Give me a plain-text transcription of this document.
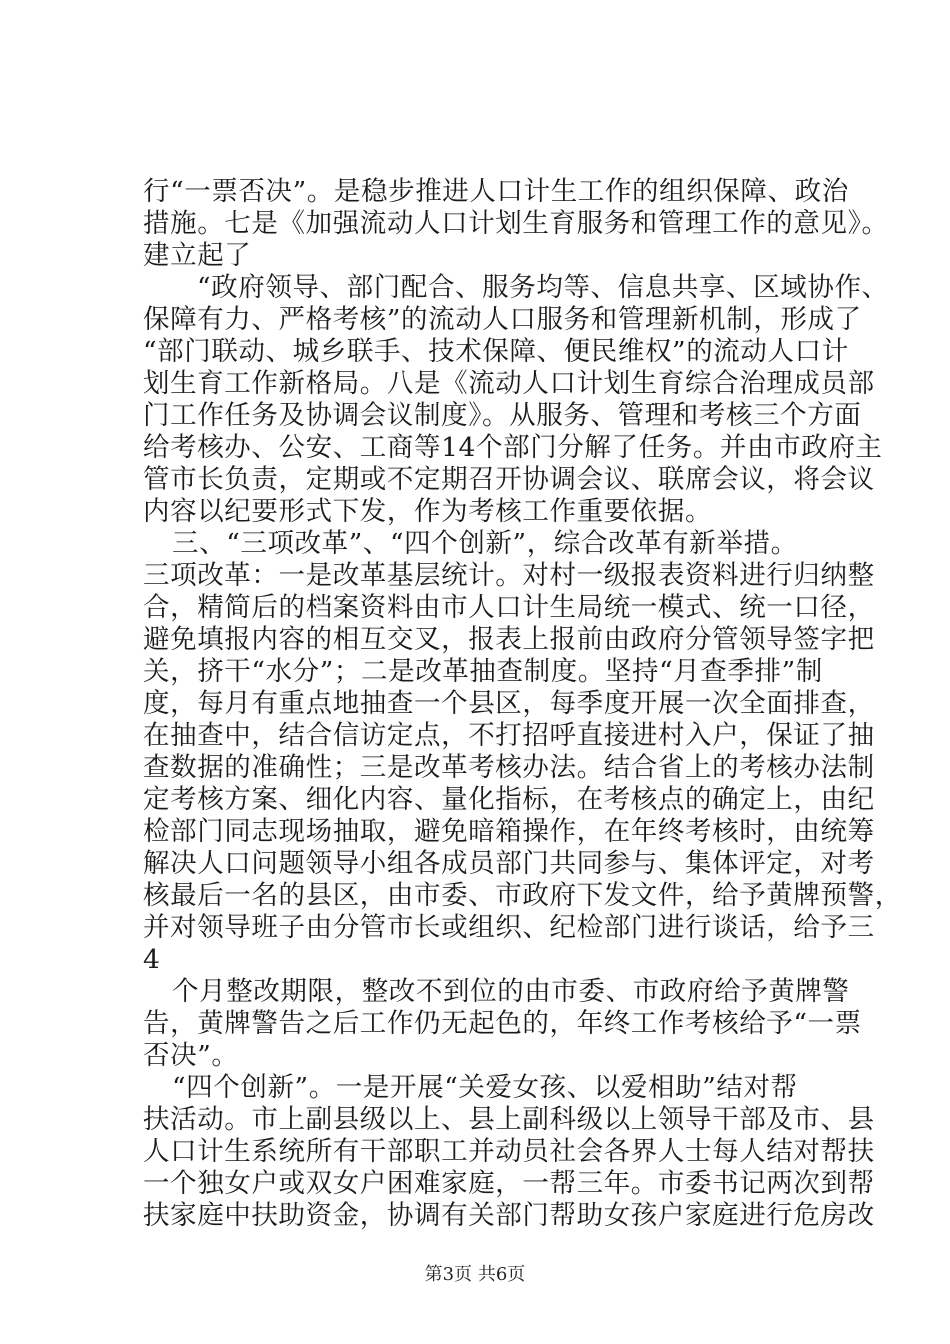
行“一票否决”。是稳步推进人口计生工作的组织保障、政治
措施。七是《加强流动人口计划生育服务和管理工作的意见》。
建立起了
“政府领导、部门配合、服务均等、信息共享、区域协作、
保障有力、严格考核”的流动人口服务和管理新机制，形成了
“部门联动、城乡联手、技术保障、便民维权”的流动人口计
划生育工作新格局。八是《流动人口计划生育综合治理成员部
门工作任务及协调会议制度》。从服务、管理和考核三个方面
给考核办、公安、工商等14个部门分解了任务。并由市政府主
管市长负责，定期或不定期召开协调会议、联席会议，将会议
内容以纪要形式下发，作为考核工作重要依据。
三、“三项改革”、“四个创新”，综合改革有新举措。
三项改革：一是改革基层统计。对村一级报表资料进行归纳整
合，精简后的档案资料由市人口计生局统一模式、统一口径，
避免填报内容的相互交叉，报表上报前由政府分管领导签字把
关，挤干“水分”；二是改革抽查制度。坚持“月查季排”制
度，每月有重点地抽查一个县区，每季度开展一次全面排查，
在抽查中，结合信访定点，不打招呼直接进村入户，保证了抽
查数据的准确性；三是改革考核办法。结合省上的考核办法制
定考核方案、细化内容、量化指标，在考核点的确定上，由纪
检部门同志现场抽取，避免暗箱操作，在年终考核时，由统筹
解决人口问题领导小组各成员部门共同参与、集体评定，对考
核最后一名的县区，由市委、市政府下发文件，给予黄牌预警，
并对领导班子由分管市长或组织、纪检部门进行谈话，给予三
4
个月整改期限，整改不到位的由市委、市政府给予黄牌警
告，黄牌警告之后工作仍无起色的，年终工作考核给予“一票
否决”。
“四个创新”。一是开展“关爱女孩、以爱相助”结对帮
扶活动。市上副县级以上、县上副科级以上领导干部及市、县
人口计生系统所有干部职工并动员社会各界人士每人结对帮扶
一个独女户或双女户困难家庭，一帮三年。市委书记两次到帮
扶家庭中扶助资金，协调有关部门帮助女孩户家庭进行危房改
第3页 共6页
